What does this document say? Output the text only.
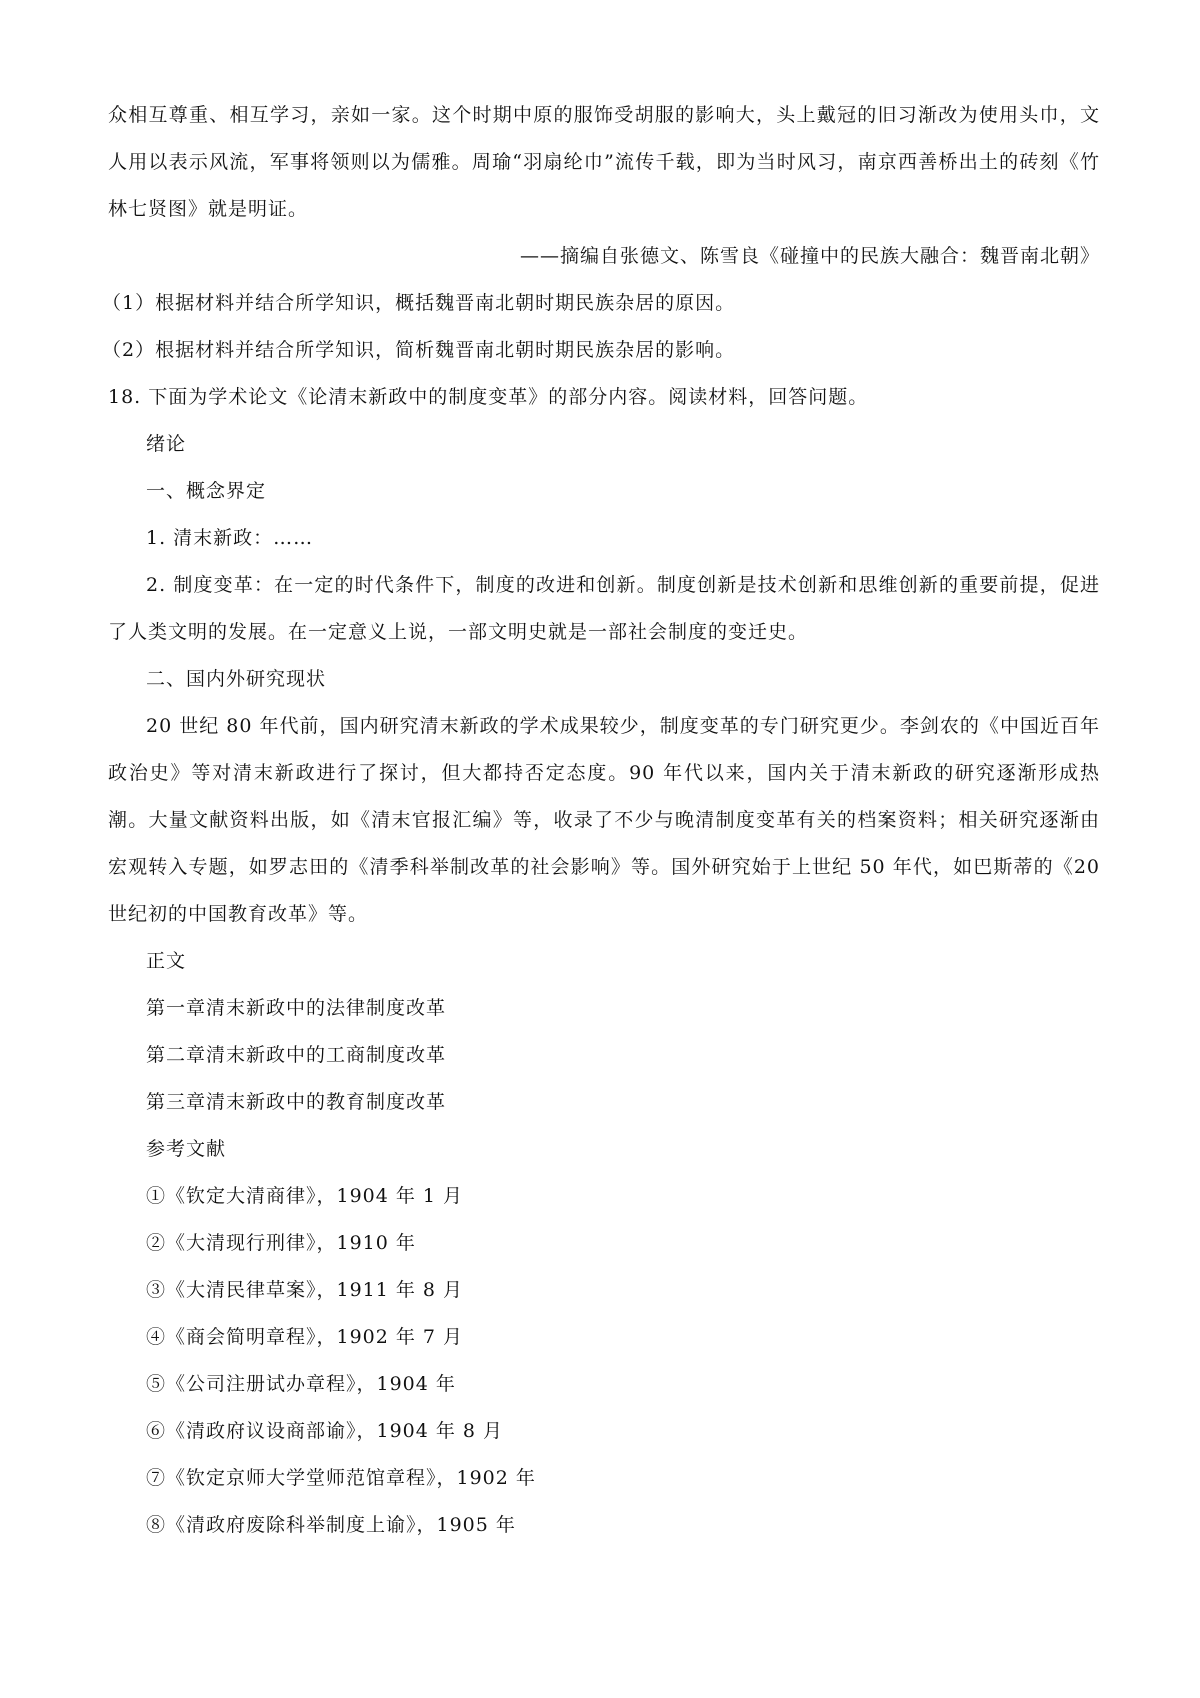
众相互尊重、相互学习，亲如一家。这个时期中原的服饰受胡服的影响大，头上戴冠的旧习渐改为使用头巾，文人用以表示风流，军事将领则以为儒雅。周瑜“羽扇纶巾”流传千载，即为当时风习，南京西善桥出土的砖刻《竹林七贤图》就是明证。

——摘编自张德文、陈雪良《碰撞中的民族大融合：魏晋南北朝》

（1）根据材料并结合所学知识，概括魏晋南北朝时期民族杂居的原因。

（2）根据材料并结合所学知识，简析魏晋南北朝时期民族杂居的影响。

18. 下面为学术论文《论清末新政中的制度变革》的部分内容。阅读材料，回答问题。

绪论

一、概念界定

1. 清末新政：……

2. 制度变革：在一定的时代条件下，制度的改进和创新。制度创新是技术创新和思维创新的重要前提，促进了人类文明的发展。在一定意义上说，一部文明史就是一部社会制度的变迁史。

二、国内外研究现状

20 世纪 80 年代前，国内研究清末新政的学术成果较少，制度变革的专门研究更少。李剑农的《中国近百年政治史》等对清末新政进行了探讨，但大都持否定态度。90 年代以来，国内关于清末新政的研究逐渐形成热潮。大量文献资料出版，如《清末官报汇编》等，收录了不少与晚清制度变革有关的档案资料；相关研究逐渐由宏观转入专题，如罗志田的《清季科举制改革的社会影响》等。国外研究始于上世纪 50 年代，如巴斯蒂的《20 世纪初的中国教育改革》等。

正文

第一章清末新政中的法律制度改革
第二章清末新政中的工商制度改革
第三章清末新政中的教育制度改革

参考文献

①《钦定大清商律》，1904 年 1 月
②《大清现行刑律》，1910 年
③《大清民律草案》，1911 年 8 月
④《商会简明章程》，1902 年 7 月
⑤《公司注册试办章程》，1904 年
⑥《清政府议设商部谕》，1904 年 8 月
⑦《钦定京师大学堂师范馆章程》，1902 年
⑧《清政府废除科举制度上谕》，1905 年
